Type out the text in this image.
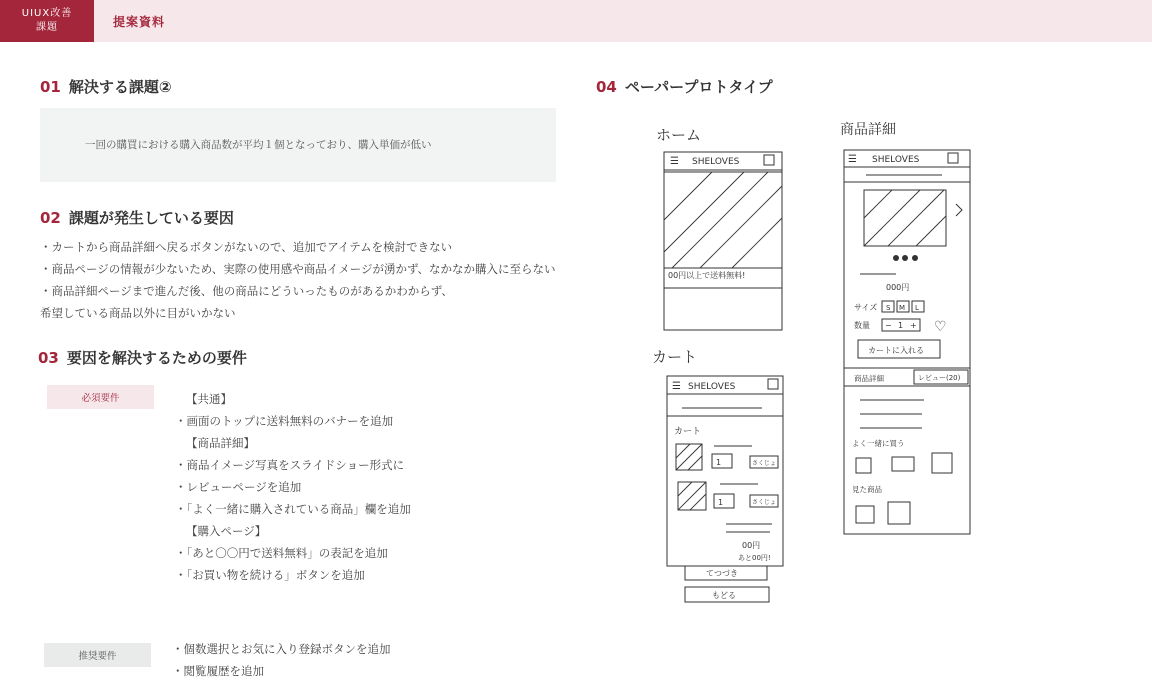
UIUX改善
課題	提案資料
01 解決する課題②
一回の購買における購入商品数が平均１個となっており、購入単価が低い
02 課題が発生している要因
・カートから商品詳細へ戻るボタンがないので、追加でアイテムを検討できない
・商品ページの情報が少ないため、実際の使用感や商品イメージが湧かず、なかなか購入に至らない
・商品詳細ページまで進んだ後、他の商品にどういったものがあるかわからず、
希望している商品以外に目がいかない
03 要因を解決するための要件
必須要件	【共通】
・画面のトップに送料無料のバナーを追加
【商品詳細】
・商品イメージ写真をスライドショー形式に
・レビューページを追加
・「よく一緒に購入されている商品」欄を追加
【購入ページ】
・「あと〇〇円で送料無料」の表記を追加
・「お買い物を続ける」ボタンを追加
推奨要件
・個数選択とお気に入り登録ボタンを追加
・閲覧履歴を追加
04 ペーパープロトタイプ
ホーム
☰ SHELOVES
00円以上で送料無料!
商品詳細
☰ SHELOVES
000円
サイズ S M L
数量 − 1 + ♡
カートに入れる
商品詳細	レビュー(20)
よく一緒に買う
見た商品
カート
☰ SHELOVES
カート
1	さくじょ
1	さくじょ
00円
あと00円!
てつづき
もどる
